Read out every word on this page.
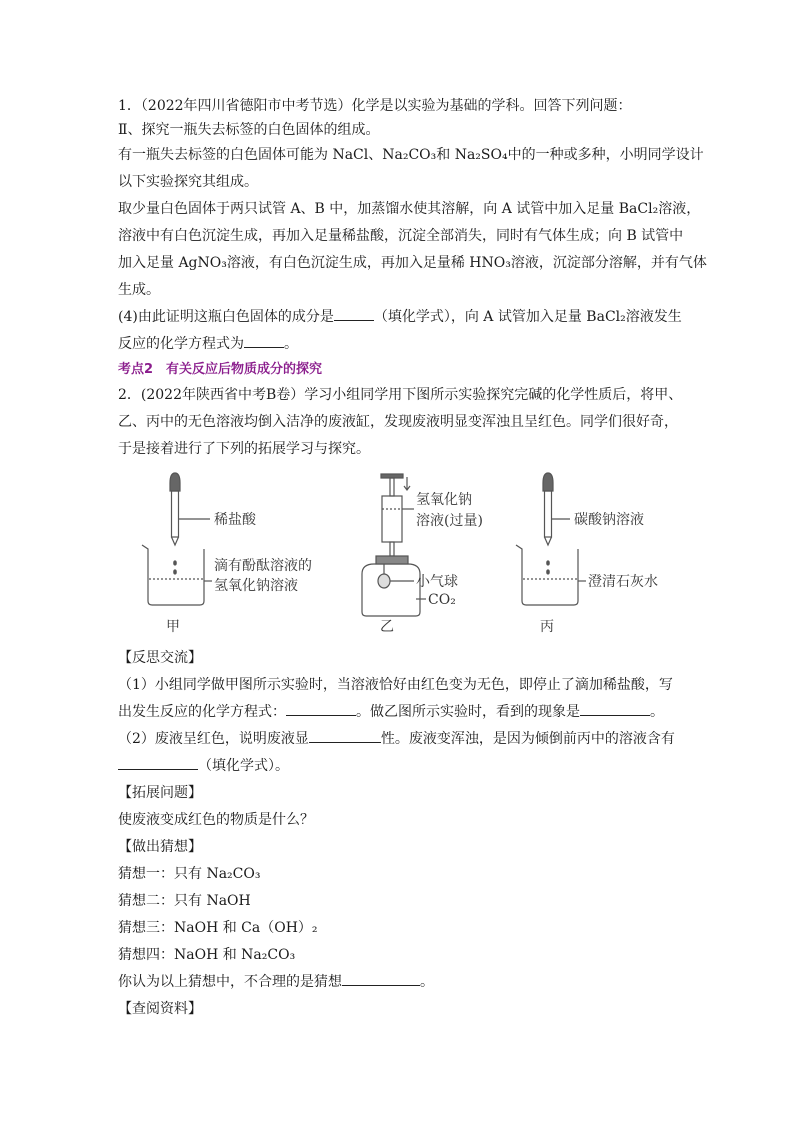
1．（2022年四川省德阳市中考节选）化学是以实验为基础的学科。回答下列问题：
Ⅱ、探究一瓶失去标签的白色固体的组成。
有一瓶失去标签的白色固体可能为 NaCl、Na₂CO₃和 Na₂SO₄中的一种或多种，小明同学设计
以下实验探究其组成。
取少量白色固体于两只试管 A、B 中，加蒸馏水使其溶解，向 A 试管中加入足量 BaCl₂溶液，
溶液中有白色沉淀生成，再加入足量稀盐酸，沉淀全部消失，同时有气体生成；向 B 试管中
加入足量 AgNO₃溶液，有白色沉淀生成，再加入足量稀 HNO₃溶液，沉淀部分溶解，并有气体
生成。
(4)由此证明这瓶白色固体的成分是	（填化学式），向 A 试管加入足量 BaCl₂溶液发生
反应的化学方程式为	。
考点2　有关反应后物质成分的探究
2．(2022年陕西省中考B卷）学习小组同学用下图所示实验探究完碱的化学性质后，将甲、
乙、丙中的无色溶液均倒入洁净的废液缸，发现废液明显变浑浊且呈红色。同学们很好奇，
于是接着进行了下列的拓展学习与探究。
稀盐酸
滴有酚酞溶液的
氢氧化钠溶液
甲
氢氧化钠
溶液(过量)
小气球
CO₂
乙
碳酸钠溶液
澄清石灰水
丙
【反思交流】
（1）小组同学做甲图所示实验时，当溶液恰好由红色变为无色，即停止了滴加稀盐酸，写
出发生反应的化学方程式：	。做乙图所示实验时，看到的现象是	。
（2）废液呈红色，说明废液显	性。废液变浑浊，是因为倾倒前丙中的溶液含有
（填化学式）。
【拓展问题】
使废液变成红色的物质是什么？
【做出猜想】
猜想一：只有 Na₂CO₃
猜想二：只有 NaOH
猜想三：NaOH 和 Ca（OH）₂
猜想四：NaOH 和 Na₂CO₃
你认为以上猜想中，不合理的是猜想	。
【查阅资料】
